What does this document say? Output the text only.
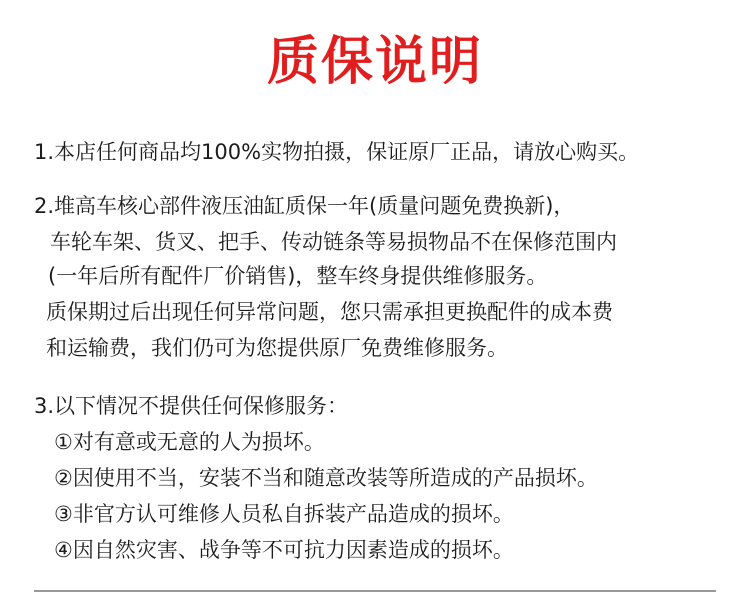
质保说明
1.本店任何商品均100%实物拍摄，保证原厂正品，请放心购买。
2.堆高车核心部件液压油缸质保一年(质量问题免费换新)，
车轮车架、货叉、把手、传动链条等易损物品不在保修范围内
(一年后所有配件厂价销售)，整车终身提供维修服务。
质保期过后出现任何异常问题，您只需承担更换配件的成本费
和运输费，我们仍可为您提供原厂免费维修服务。
3.以下情况不提供任何保修服务：
①对有意或无意的人为损坏。
②因使用不当，安装不当和随意改装等所造成的产品损坏。
③非官方认可维修人员私自拆装产品造成的损坏。
④因自然灾害、战争等不可抗力因素造成的损坏。
